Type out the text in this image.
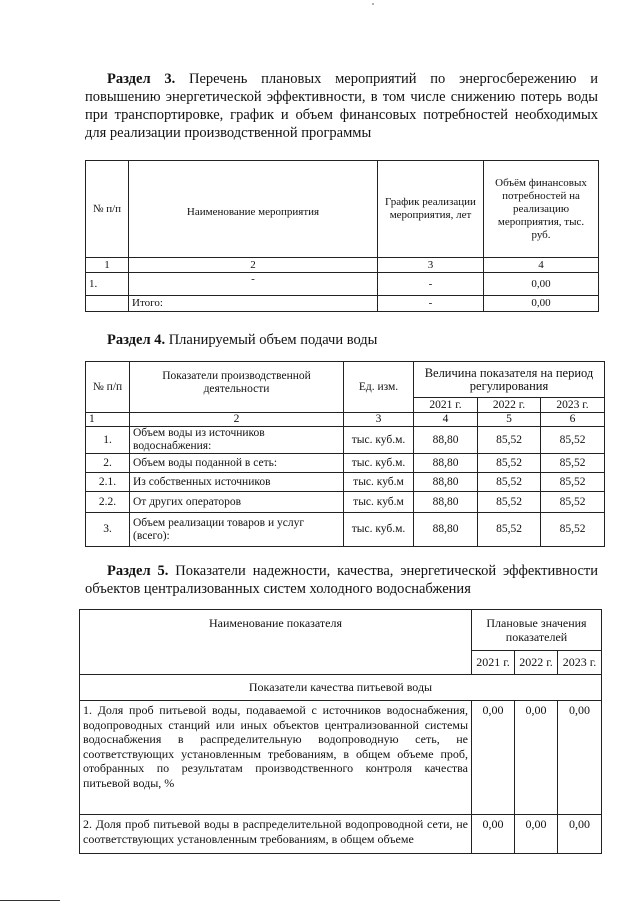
Раздел 3. Перечень плановых мероприятий по энергосбережению и повышению энергетической эффективности, в том числе снижению потерь воды при транспортировке, график и объем финансовых потребностей необходимых для реализации производственной программы
№ п/п	Наименование мероприятия	График реализации мероприятия, лет	Объём финансовых потребностей на реализацию мероприятия, тыс. руб.
1	2	3	4
1.	-	-	0,00
	Итого:	-	0,00
Раздел 4. Планируемый объем подачи воды
№ п/п	Показатели производственной деятельности	Ед. изм.	Величина показателя на период регулирования		
			2021 г.	2022 г.	2023 г.
1	2	3	4	5	6
1.	Объем воды из источников водоснабжения:	тыс. куб.м.	88,80	85,52	85,52
2.	Объем воды поданной в сеть:	тыс. куб.м.	88,80	85,52	85,52
2.1.	Из собственных источников	тыс. куб.м	88,80	85,52	85,52
2.2.	От других операторов	тыс. куб.м	88,80	85,52	85,52
3.	Объем реализации товаров и услуг (всего):	тыс. куб.м.	88,80	85,52	85,52
Раздел 5. Показатели надежности, качества, энергетической эффективности объектов централизованных систем холодного водоснабжения
Наименование показателя	Плановые значения показателей		
	2021 г.	2022 г.	2023 г.
Показатели качества питьевой воды			
1. Доля проб питьевой воды, подаваемой с источников водоснабжения, водопроводных станций или иных объектов централизованной системы водоснабжения в распределительную водопроводную сеть, не соответствующих установленным требованиям, в общем объеме проб, отобранных по результатам производственного контроля качества питьевой воды, %	0,00	0,00	0,00
2. Доля проб питьевой воды в распределительной водопроводной сети, не соответствующих установленным требованиям, в общем объеме	0,00	0,00	0,00
